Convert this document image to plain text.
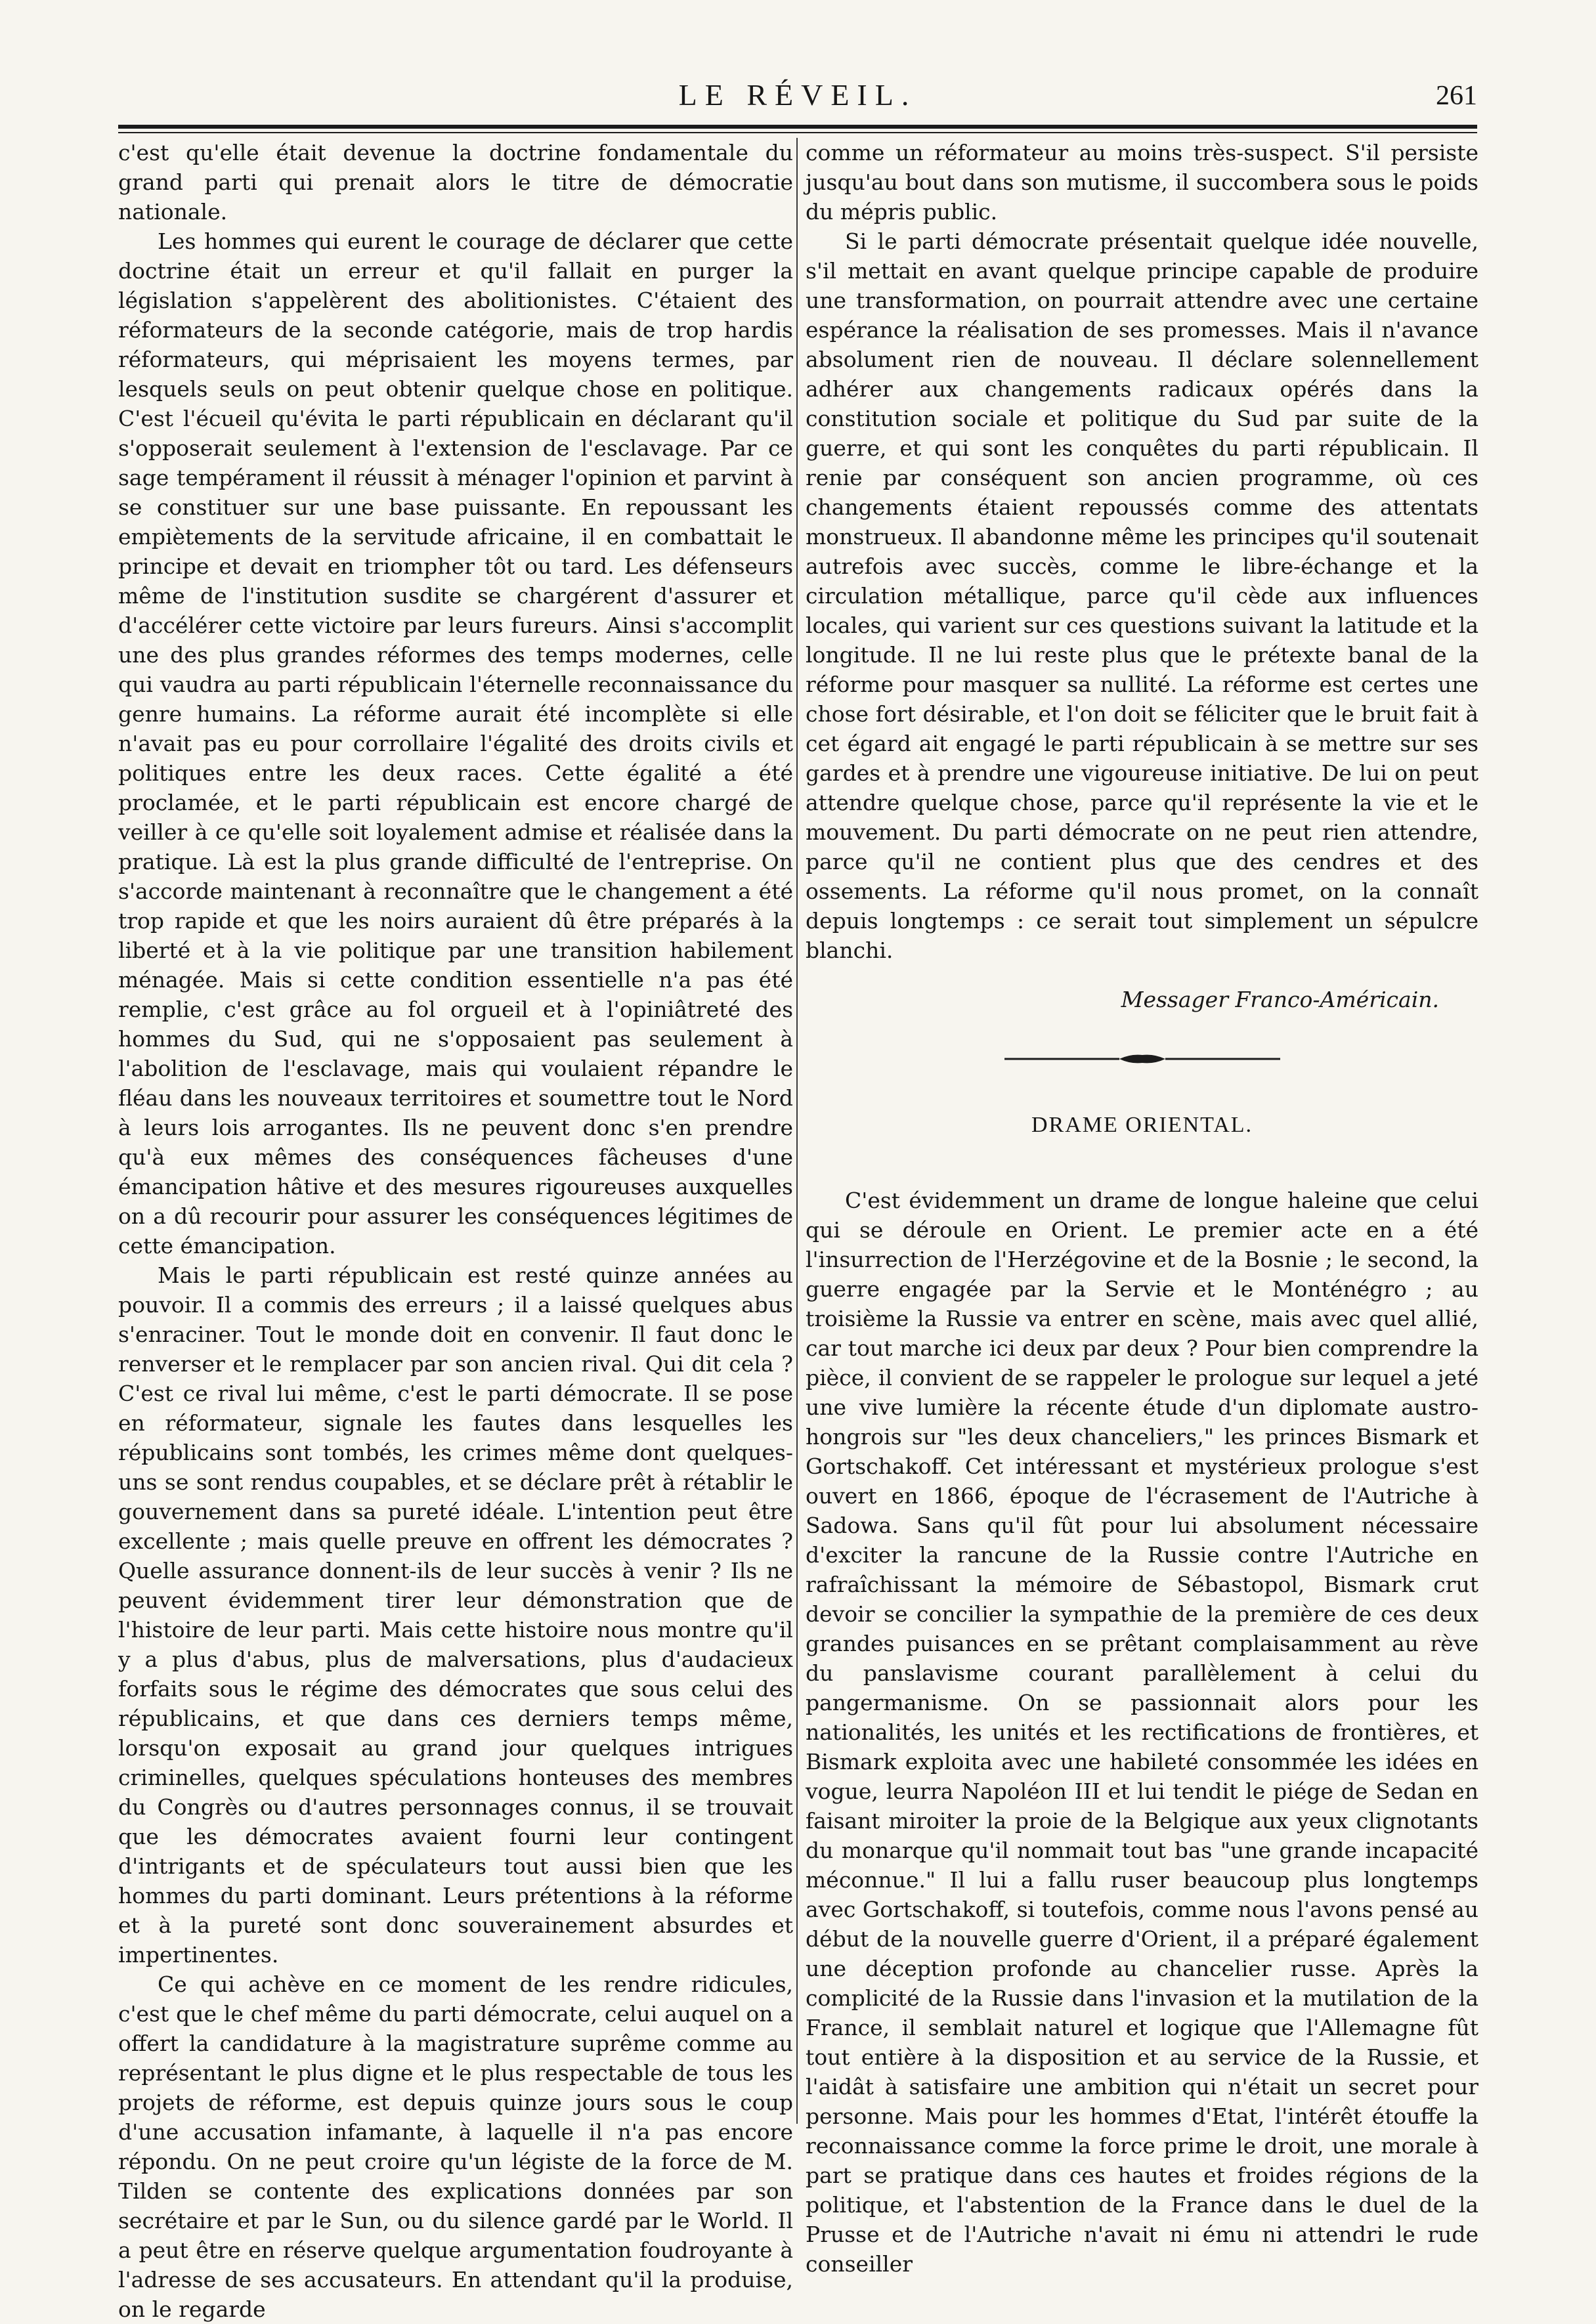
LE RÉVEIL.	261

c'est qu'elle était devenue la doctrine fondamentale du grand parti qui prenait alors le titre de démocratie nationale.

Les hommes qui eurent le courage de déclarer que cette doctrine était un erreur et qu'il fallait en purger la législation s'appelèrent des abolitionistes. C'étaient des réformateurs de la seconde catégorie, mais de trop hardis réformateurs, qui méprisaient les moyens termes, par lesquels seuls on peut obtenir quelque chose en politique. C'est l'écueil qu'évita le parti républicain en déclarant qu'il s'opposerait seulement à l'extension de l'esclavage. Par ce sage tempérament il réussit à ménager l'opinion et parvint à se constituer sur une base puissante. En repoussant les empiètements de la servitude africaine, il en combattait le principe et devait en triompher tôt ou tard. Les défenseurs même de l'institution susdite se chargérent d'assurer et d'accélérer cette victoire par leurs fureurs. Ainsi s'accomplit une des plus grandes réformes des temps modernes, celle qui vaudra au parti républicain l'éternelle reconnaissance du genre humains. La réforme aurait été incomplète si elle n'avait pas eu pour corrollaire l'égalité des droits civils et politiques entre les deux races. Cette égalité a été proclamée, et le parti républicain est encore chargé de veiller à ce qu'elle soit loyalement admise et réalisée dans la pratique. Là est la plus grande difficulté de l'entreprise. On s'accorde maintenant à reconnaître que le changement a été trop rapide et que les noirs auraient dû être préparés à la liberté et à la vie politique par une transition habilement ménagée. Mais si cette condition essentielle n'a pas été remplie, c'est grâce au fol orgueil et à l'opiniâtreté des hommes du Sud, qui ne s'opposaient pas seulement à l'abolition de l'esclavage, mais qui voulaient répandre le fléau dans les nouveaux territoires et soumettre tout le Nord à leurs lois arrogantes. Ils ne peuvent donc s'en prendre qu'à eux mêmes des conséquences fâcheuses d'une émancipation hâtive et des mesures rigoureuses auxquelles on a dû recourir pour assurer les conséquences légitimes de cette émancipation.

Mais le parti républicain est resté quinze années au pouvoir. Il a commis des erreurs ; il a laissé quelques abus s'enraciner. Tout le monde doit en convenir. Il faut donc le renverser et le remplacer par son ancien rival. Qui dit cela ? C'est ce rival lui même, c'est le parti démocrate. Il se pose en réformateur, signale les fautes dans lesquelles les républicains sont tombés, les crimes même dont quelques-uns se sont rendus coupables, et se déclare prêt à rétablir le gouvernement dans sa pureté idéale. L'intention peut être excellente ; mais quelle preuve en offrent les démocrates ? Quelle assurance donnent-ils de leur succès à venir ? Ils ne peuvent évidemment tirer leur démonstration que de l'histoire de leur parti. Mais cette histoire nous montre qu'il y a plus d'abus, plus de malversations, plus d'audacieux forfaits sous le régime des démocrates que sous celui des républicains, et que dans ces derniers temps même, lorsqu'on exposait au grand jour quelques intrigues criminelles, quelques spéculations honteuses des membres du Congrès ou d'autres personnages connus, il se trouvait que les démocrates avaient fourni leur contingent d'intrigants et de spéculateurs tout aussi bien que les hommes du parti dominant. Leurs prétentions à la réforme et à la pureté sont donc souverainement absurdes et impertinentes.

Ce qui achève en ce moment de les rendre ridicules, c'est que le chef même du parti démocrate, celui auquel on a offert la candidature à la magistrature suprême comme au représentant le plus digne et le plus respectable de tous les projets de réforme, est depuis quinze jours sous le coup d'une accusation infamante, à laquelle il n'a pas encore répondu. On ne peut croire qu'un légiste de la force de M. Tilden se contente des explications données par son secrétaire et par le Sun, ou du silence gardé par le World. Il a peut être en réserve quelque argumentation foudroyante à l'adresse de ses accusateurs. En attendant qu'il la produise, on le regarde

comme un réformateur au moins très-suspect. S'il persiste jusqu'au bout dans son mutisme, il succombera sous le poids du mépris public.

Si le parti démocrate présentait quelque idée nouvelle, s'il mettait en avant quelque principe capable de produire une transformation, on pourrait attendre avec une certaine espérance la réalisation de ses promesses. Mais il n'avance absolument rien de nouveau. Il déclare solennellement adhérer aux changements radicaux opérés dans la constitution sociale et politique du Sud par suite de la guerre, et qui sont les conquêtes du parti républicain. Il renie par conséquent son ancien programme, où ces changements étaient repoussés comme des attentats monstrueux. Il abandonne même les principes qu'il soutenait autrefois avec succès, comme le libre-échange et la circulation métallique, parce qu'il cède aux influences locales, qui varient sur ces questions suivant la latitude et la longitude. Il ne lui reste plus que le prétexte banal de la réforme pour masquer sa nullité. La réforme est certes une chose fort désirable, et l'on doit se féliciter que le bruit fait à cet égard ait engagé le parti républicain à se mettre sur ses gardes et à prendre une vigoureuse initiative. De lui on peut attendre quelque chose, parce qu'il représente la vie et le mouvement. Du parti démocrate on ne peut rien attendre, parce qu'il ne contient plus que des cendres et des ossements. La réforme qu'il nous promet, on la connaît depuis longtemps : ce serait tout simplement un sépulcre blanchi.

Messager Franco-Américain.

DRAME ORIENTAL.

C'est évidemment un drame de longue haleine que celui qui se déroule en Orient. Le premier acte en a été l'insurrection de l'Herzégovine et de la Bosnie ; le second, la guerre engagée par la Servie et le Monténégro ; au troisième la Russie va entrer en scène, mais avec quel allié, car tout marche ici deux par deux ? Pour bien comprendre la pièce, il convient de se rappeler le prologue sur lequel a jeté une vive lumière la récente étude d'un diplomate austro-hongrois sur "les deux chanceliers," les princes Bismark et Gortschakoff. Cet intéressant et mystérieux prologue s'est ouvert en 1866, époque de l'écrasement de l'Autriche à Sadowa. Sans qu'il fût pour lui absolument nécessaire d'exciter la rancune de la Russie contre l'Autriche en rafraîchissant la mémoire de Sébastopol, Bismark crut devoir se concilier la sympathie de la première de ces deux grandes puisances en se prêtant complaisamment au rève du panslavisme courant parallèlement à celui du pangermanisme. On se passionnait alors pour les nationalités, les unités et les rectifications de frontières, et Bismark exploita avec une habileté consommée les idées en vogue, leurra Napoléon III et lui tendit le piége de Sedan en faisant miroiter la proie de la Belgique aux yeux clignotants du monarque qu'il nommait tout bas "une grande incapacité méconnue." Il lui a fallu ruser beaucoup plus longtemps avec Gortschakoff, si toutefois, comme nous l'avons pensé au début de la nouvelle guerre d'Orient, il a préparé également une déception profonde au chancelier russe. Après la complicité de la Russie dans l'invasion et la mutilation de la France, il semblait naturel et logique que l'Allemagne fût tout entière à la disposition et au service de la Russie, et l'aidât à satisfaire une ambition qui n'était un secret pour personne. Mais pour les hommes d'Etat, l'intérêt étouffe la reconnaissance comme la force prime le droit, une morale à part se pratique dans ces hautes et froides régions de la politique, et l'abstention de la France dans le duel de la Prusse et de l'Autriche n'avait ni ému ni attendri le rude conseiller
